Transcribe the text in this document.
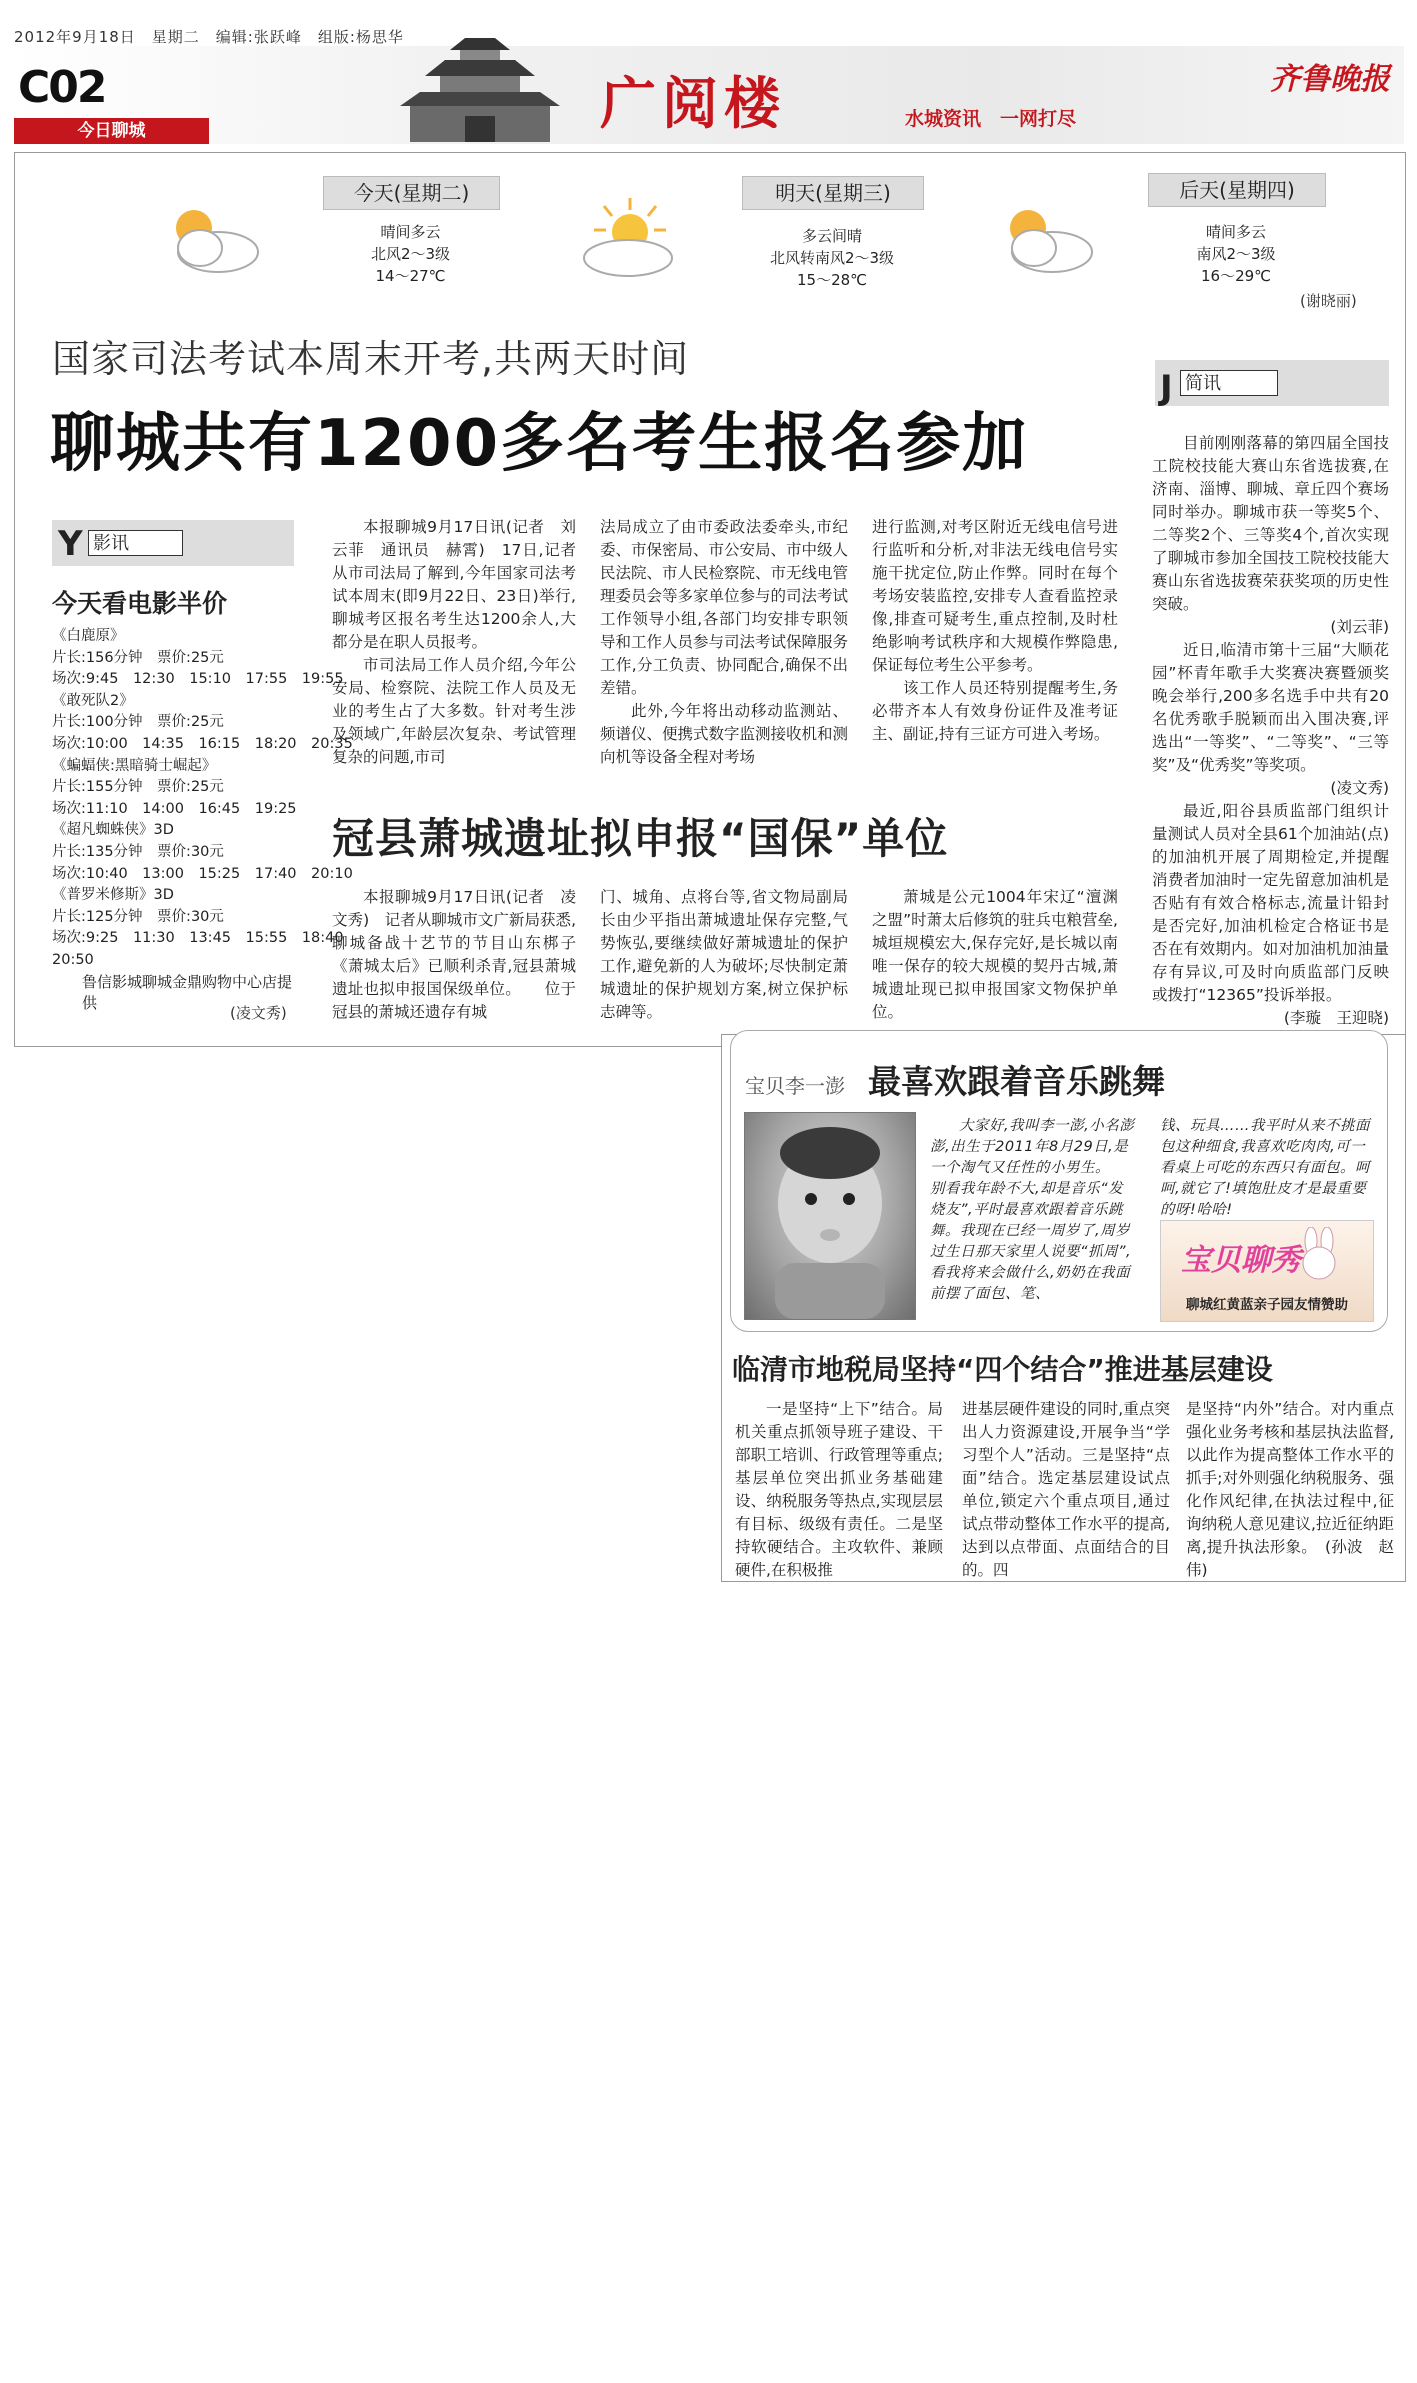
2012年9月18日　星期二　编辑:张跃峰　组版:杨思华
C02
今日聊城	广阅楼	水城资讯　一网打尽
齐鲁晚报
今天(星期二)
晴间多云
北风2～3级
14～27℃
明天(星期三)
多云间晴
北风转南风2～3级
15～28℃
后天(星期四)
晴间多云
南风2～3级
16～29℃
(谢晓丽)
国家司法考试本周末开考,共两天时间
聊城共有1200多名考生报名参加

本报聊城9月17日讯(记者　刘云菲　通讯员　赫霄)　17日,记者从市司法局了解到,今年国家司法考试本周末(即9月22日、23日)举行,聊城考区报名考生达1200余人,大都分是在职人员报考。

市司法局工作人员介绍,今年公安局、检察院、法院工作人员及无业的考生占了大多数。针对考生涉及领域广,年龄层次复杂、考试管理复杂的问题,市司

法局成立了由市委政法委牵头,市纪委、市保密局、市公安局、市中级人民法院、市人民检察院、市无线电管理委员会等多家单位参与的司法考试工作领导小组,各部门均安排专职领导和工作人员参与司法考试保障服务工作,分工负责、协同配合,确保不出差错。

此外,今年将出动移动监测站、频谱仪、便携式数字监测接收机和测向机等设备全程对考场

进行监测,对考区附近无线电信号进行监听和分析,对非法无线电信号实施干扰定位,防止作弊。同时在每个考场安装监控,安排专人查看监控录像,排查可疑考生,重点控制,及时杜绝影响考试秩序和大规模作弊隐患,保证每位考生公平参考。

该工作人员还特别提醒考生,务必带齐本人有效身份证件及准考证主、副证,持有三证方可进入考场。

Y 影讯
今天看电影半价
《白鹿原》
片长:156分钟　票价:25元
场次:9:45　12:30　15:10　17:55　19:55
《敢死队2》
片长:100分钟　票价:25元
场次:10:00　14:35　16:15　18:20　20:35
《蝙蝠侠:黑暗骑士崛起》
片长:155分钟　票价:25元
场次:11:10　14:00　16:45　19:25
《超凡蜘蛛侠》3D
片长:135分钟　票价:30元
场次:10:40　13:00　15:25　17:40　20:10
《普罗米修斯》3D
片长:125分钟　票价:30元
场次:9:25　11:30　13:45　15:55　18:40
20:50
鲁信影城聊城金鼎购物中心店提供
(凌文秀)
J 简讯

目前刚刚落幕的第四届全国技工院校技能大赛山东省选拔赛,在济南、淄博、聊城、章丘四个赛场同时举办。聊城市获一等奖5个、二等奖2个、三等奖4个,首次实现了聊城市参加全国技工院校技能大赛山东省选拔赛荣获奖项的历史性突破。

(刘云菲)

近日,临清市第十三届“大顺花园”杯青年歌手大奖赛决赛暨颁奖晚会举行,200多名选手中共有20名优秀歌手脱颖而出入围决赛,评选出“一等奖”、“二等奖”、“三等奖”及“优秀奖”等奖项。

(凌文秀)

最近,阳谷县质监部门组织计量测试人员对全县61个加油站(点)的加油机开展了周期检定,并提醒消费者加油时一定先留意加油机是否贴有有效合格标志,流量计铅封是否完好,加油机检定合格证书是否在有效期内。如对加油机加油量存有异议,可及时向质监部门反映或拨打“12365”投诉举报。

(李璇　王迎晓)
冠县萧城遗址拟申报“国保”单位
本报聊城9月17日讯(记者　凌文秀)　记者从聊城市文广新局获悉,聊城备战十艺节的节目山东梆子《萧城太后》已顺利杀青,冠县萧城遗址也拟申报国保级单位。　　位于冠县的萧城还遗存有城
门、城角、点将台等,省文物局副局长由少平指出萧城遗址保存完整,气势恢弘,要继续做好萧城遗址的保护工作,避免新的人为破坏;尽快制定萧城遗址的保护规划方案,树立保护标志碑等。
萧城是公元1004年宋辽“澶渊之盟”时萧太后修筑的驻兵屯粮营垒,城垣规模宏大,保存完好,是长城以南唯一保存的较大规模的契丹古城,萧城遗址现已拟申报国家文物保护单位。
宝贝李一澎 最喜欢跟着音乐跳舞
大家好,我叫李一澎,小名澎澎,出生于2011年8月29日,是一个淘气又任性的小男生。　　别看我年龄不大,却是音乐“发烧友”,平时最喜欢跟着音乐跳舞。我现在已经一周岁了,周岁过生日那天家里人说要“抓周”,看我将来会做什么,奶奶在我面前摆了面包、笔、
钱、玩具……我平时从来不挑面包这种细食,我喜欢吃肉肉,可一看桌上可吃的东西只有面包。呵呵,就它了!填饱肚皮才是最重要的呀!哈哈!
宝贝聊秀
聊城红黄蓝亲子园友情赞助
临清市地税局坚持“四个结合”推进基层建设
一是坚持“上下”结合。局机关重点抓领导班子建设、干部职工培训、行政管理等重点;基层单位突出抓业务基础建设、纳税服务等热点,实现层层有目标、级级有责任。二是坚持软硬结合。主攻软件、兼顾硬件,在积极推
进基层硬件建设的同时,重点突出人力资源建设,开展争当“学习型个人”活动。三是坚持“点面”结合。选定基层建设试点单位,锁定六个重点项目,通过试点带动整体工作水平的提高,达到以点带面、点面结合的目的。四
是坚持“内外”结合。对内重点强化业务考核和基层执法监督,以此作为提高整体工作水平的抓手;对外则强化纳税服务、强化作风纪律,在执法过程中,征询纳税人意见建议,拉近征纳距离,提升执法形象。　(孙波　赵伟)
